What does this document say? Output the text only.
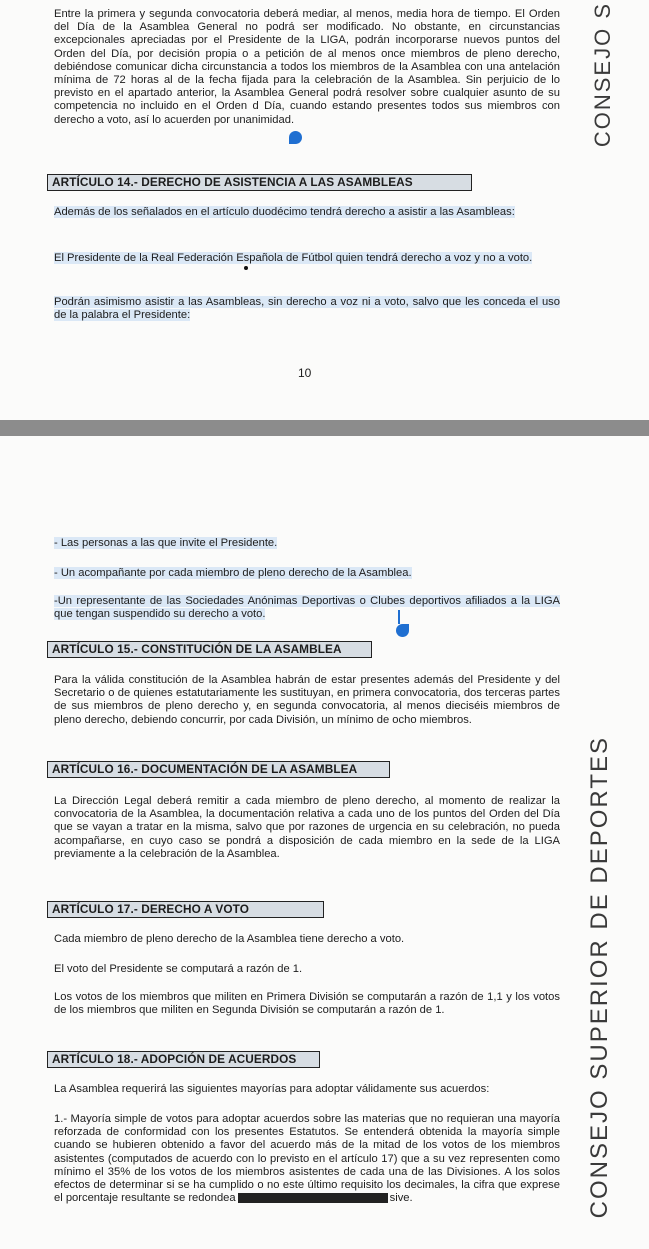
Entre la primera y segunda convocatoria deberá mediar, al menos, media hora de tiempo. El Orden del Día de la Asamblea General no podrá ser modificado. No obstante, en circunstancias excepcionales apreciadas por el Presidente de la LIGA, podrán incorporarse nuevos puntos del Orden del Día, por decisión propia o a petición de al menos once miembros de pleno derecho, debiéndose comunicar dicha circunstancia a todos los miembros de la Asamblea con una antelación mínima de 72 horas al de la fecha fijada para la celebración de la Asamblea. Sin perjuicio de lo previsto en el apartado anterior, la Asamblea General podrá resolver sobre cualquier asunto de su competencia no incluido en el Orden d Día, cuando estando presentes todos sus miembros con derecho a voto, así lo acuerden por unanimidad.
ARTÍCULO 14.- DERECHO DE ASISTENCIA A LAS ASAMBLEAS
Además de los señalados en el artículo duodécimo tendrá derecho a asistir a las Asambleas:
El Presidente de la Real Federación Española de Fútbol quien tendrá derecho a voz y no a voto.
Podrán asimismo asistir a las Asambleas, sin derecho a voz ni a voto, salvo que les conceda el uso de la palabra el Presidente:
10
CONSEJO S
- Las personas a las que invite el Presidente.
- Un acompañante por cada miembro de pleno derecho de la Asamblea.
-Un representante de las Sociedades Anónimas Deportivas o Clubes deportivos afiliados a la LIGA que tengan suspendido su derecho a voto.
ARTÍCULO 15.- CONSTITUCIÓN DE LA ASAMBLEA
Para la válida constitución de la Asamblea habrán de estar presentes además del Presidente y del Secretario o de quienes estatutariamente les sustituyan, en primera convocatoria, dos terceras partes de sus miembros de pleno derecho y, en segunda convocatoria, al menos dieciséis miembros de pleno derecho, debiendo concurrir, por cada División, un mínimo de ocho miembros.
ARTÍCULO 16.- DOCUMENTACIÓN DE LA ASAMBLEA
La Dirección Legal deberá remitir a cada miembro de pleno derecho, al momento de realizar la convocatoria de la Asamblea, la documentación relativa a cada uno de los puntos del Orden del Día que se vayan a tratar en la misma, salvo que por razones de urgencia en su celebración, no pueda acompañarse, en cuyo caso se pondrá a disposición de cada miembro en la sede de la LIGA previamente a la celebración de la Asamblea.
ARTÍCULO 17.- DERECHO A VOTO
Cada miembro de pleno derecho de la Asamblea tiene derecho a voto.
El voto del Presidente se computará a razón de 1.
Los votos de los miembros que militen en Primera División se computarán a razón de 1,1 y los votos de los miembros que militen en Segunda División se computarán a razón de 1.
ARTÍCULO 18.- ADOPCIÓN DE ACUERDOS
La Asamblea requerirá las siguientes mayorías para adoptar válidamente sus acuerdos:
1.- Mayoría simple de votos para adoptar acuerdos sobre las materias que no requieran una mayoría reforzada de conformidad con los presentes Estatutos. Se entenderá obtenida la mayoría simple cuando se hubieren obtenido a favor del acuerdo más de la mitad de los votos de los miembros asistentes (computados de acuerdo con lo previsto en el artículo 17) que a su vez representen como mínimo el 35% de los votos de los miembros asistentes de cada una de las Divisiones. A los solos efectos de determinar si se ha cumplido o no este último requisito los decimales, la cifra que exprese el porcentaje resultante se redondea	sive.	CONSEJO SUPERIOR DE DEPORTES
